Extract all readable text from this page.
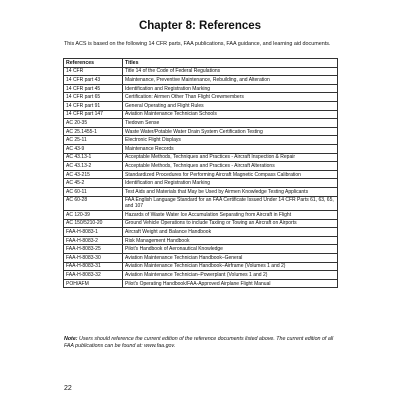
Chapter 8: References
This ACS is based on the following 14 CFR parts, FAA publications, FAA guidance, and learning aid documents.
References	Titles
14 CFR	Title 14 of the Code of Federal Regulations
14 CFR part 43	Maintenance, Preventive Maintenance, Rebuilding, and Alteration
14 CFR part 45	Identification and Registration Marking
14 CFR part 65	Certification: Airmen Other Than Flight Crewmembers
14 CFR part 91	General Operating and Flight Rules
14 CFR part 147	Aviation Maintenance Technician Schools
AC 20-35	Tiedown Sense
AC 25.1455-1	Waste Water/Potable Water Drain System Certification Testing
AC 25-11	Electronic Flight Displays
AC 43-9	Maintenance Records
AC 43.13-1	Acceptable Methods, Techniques and Practices - Aircraft Inspection & Repair
AC 43.13-2	Acceptable Methods, Techniques and Practices - Aircraft Alterations
AC 43-215	Standardized Procedures for Performing Aircraft Magnetic Compass Calibration
AC 45-2	Identification and Registration Marking
AC 60-11	Test Aids and Materials that May be Used by Airmen Knowledge Testing Applicants
AC 60-28	FAA English Language Standard for an FAA Certificate Issued Under 14 CFR Parts 61, 63, 65, and 107
AC 120-39	Hazards of Waste Water Ice Accumulation Separating from Aircraft in Flight
AC 150/5210-20	Ground Vehicle Operations to include Taxiing or Towing an Aircraft on Airports
FAA-H-8083-1	Aircraft Weight and Balance Handbook
FAA-H-8083-2	Risk Management Handbook
FAA-H-8083-25	Pilot's Handbook of Aeronautical Knowledge
FAA-H-8083-30	Aviation Maintenance Technician Handbook–General
FAA-H-8083-31	Aviation Maintenance Technician Handbook–Airframe (Volumes 1 and 2)
FAA-H-8083-32	Aviation Maintenance Technician–Powerplant (Volumes 1 and 2)
POH/AFM	Pilot's Operating Handbook/FAA-Approved Airplane Flight Manual
Note: Users should reference the current edition of the reference documents listed above. The current edition of all FAA publications can be found at: www.faa.gov.
22
